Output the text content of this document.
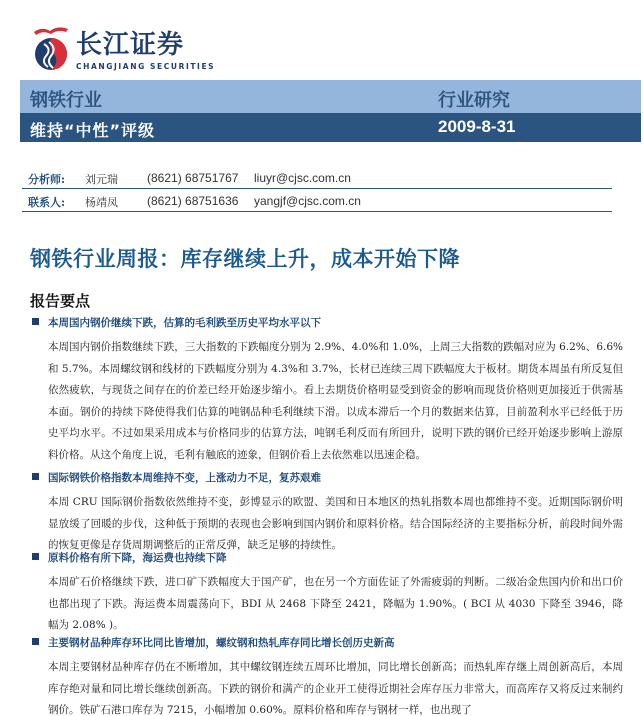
长江证券
CHANGJIANG SECURITIES
钢铁行业	行业研究
维持“中性”评级	2009-8-31
分析师: 刘元瑞 (8621) 68751767 liuyr@cjsc.com.cn
联系人: 杨靖凤 (8621) 68751636 yangjf@cjsc.com.cn
钢铁行业周报：库存继续上升，成本开始下降
报告要点
本周国内钢价继续下跌，估算的毛利跌至历史平均水平以下

本周国内钢价指数继续下跌，三大指数的下跌幅度分别为 2.9%、4.0%和 1.0%，上周三大指数的跌幅对应为 6.2%、6.6%和 5.7%。本周螺纹钢和线材的下跌幅度分别为 4.3%和 3.7%，长材已连续三周下跌幅度大于板材。期货本周虽有所反复但依然疲软，与现货之间存在的价差已经开始逐步缩小。看上去期货价格明显受到资金的影响而现货价格则更加接近于供需基本面。钢价的持续下降使得我们估算的吨钢品种毛利继续下滑。以成本滞后一个月的数据来估算，目前盈利水平已经低于历史平均水平。不过如果采用成本与价格同步的估算方法，吨钢毛利反而有所回升，说明下跌的钢价已经开始逐步影响上游原料价格。从这个角度上说，毛利有触底的迹象，但钢价看上去依然难以迅速企稳。

国际钢铁价格指数本周维持不变，上涨动力不足，复苏艰难

本周 CRU 国际钢价指数依然维持不变，彭博显示的欧盟、美国和日本地区的热轧指数本周也都维持不变。近期国际钢价明显放缓了回暖的步伐，这种低于预期的表现也会影响到国内钢价和原料价格。结合国际经济的主要指标分析，前段时间外需的恢复更像是存货周期调整后的正常反弹，缺乏足够的持续性。

原料价格有所下降，海运费也持续下降

本周矿石价格继续下跌，进口矿下跌幅度大于国产矿，也在另一个方面佐证了外需疲弱的判断。二级冶金焦国内价和出口价也都出现了下跌。海运费本周震荡向下，BDI 从 2468 下降至 2421，降幅为 1.90%。( BCI 从 4030 下降至 3946，降幅为 2.08% )。

主要钢材品种库存环比同比皆增加，螺纹钢和热轧库存同比增长创历史新高

本周主要钢材品种库存仍在不断增加，其中螺纹钢连续五周环比增加，同比增长创新高；而热轧库存继上周创新高后，本周库存绝对量和同比增长继续创新高。下跌的钢价和满产的企业开工使得近期社会库存压力非常大，而高库存又将反过来制约钢价。铁矿石港口库存为 7215，小幅增加 0.60%。原料价格和库存与钢材一样，也出现了
